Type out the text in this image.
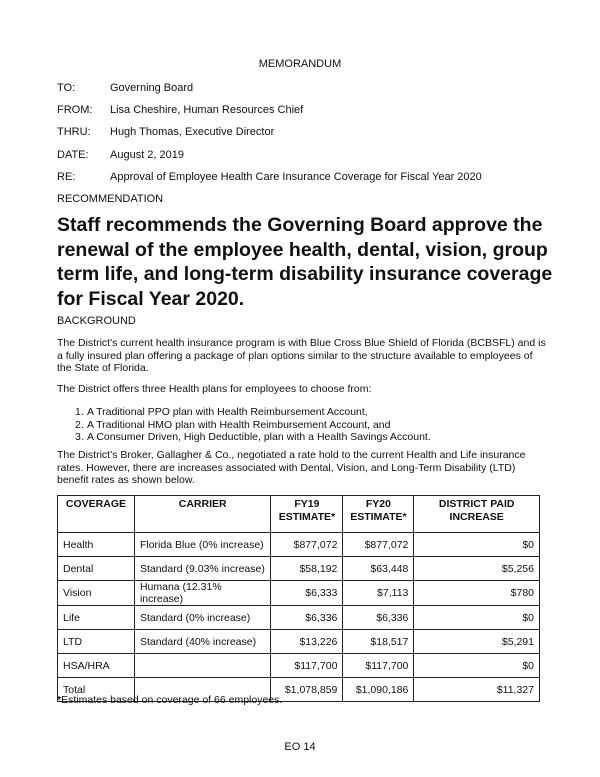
MEMORANDUM
TO:	Governing Board
FROM: Lisa Cheshire, Human Resources Chief
THRU: Hugh Thomas, Executive Director
DATE: August 2, 2019
RE:	Approval of Employee Health Care Insurance Coverage for Fiscal Year 2020
RECOMMENDATION
Staff recommends the Governing Board approve the renewal of the employee health, dental, vision, group term life, and long-term disability insurance coverage for Fiscal Year 2020.
BACKGROUND
The District's current health insurance program is with Blue Cross Blue Shield of Florida (BCBSFL) and is a fully insured plan offering a package of plan options similar to the structure available to employees of the State of Florida.
The District offers three Health plans for employees to choose from:
1. A Traditional PPO plan with Health Reimbursement Account,
2. A Traditional HMO plan with Health Reimbursement Account, and
3. A Consumer Driven, High Deductible, plan with a Health Savings Account.
The District’s Broker, Gallagher & Co., negotiated a rate hold to the current Health and Life insurance rates. However, there are increases associated with Dental, Vision, and Long-Term Disability (LTD) benefit rates as shown below.
COVERAGE	CARRIER	FY19 ESTIMATE*	FY20 ESTIMATE*	DISTRICT PAID INCREASE
Health	Florida Blue (0% increase)	$877,072	$877,072	$0
Dental	Standard (9.03% increase)	$58,192	$63,448	$5,256
Vision	Humana (12.31% increase)	$6,333	$7,113	$780
Life	Standard (0% increase)	$6,336	$6,336	$0
LTD	Standard (40% increase)	$13,226	$18,517	$5,291
HSA/HRA		$117,700	$117,700	$0
Total		$1,078,859	$1,090,186	$11,327
*Estimates based on coverage of 66 employees.
EO 14
